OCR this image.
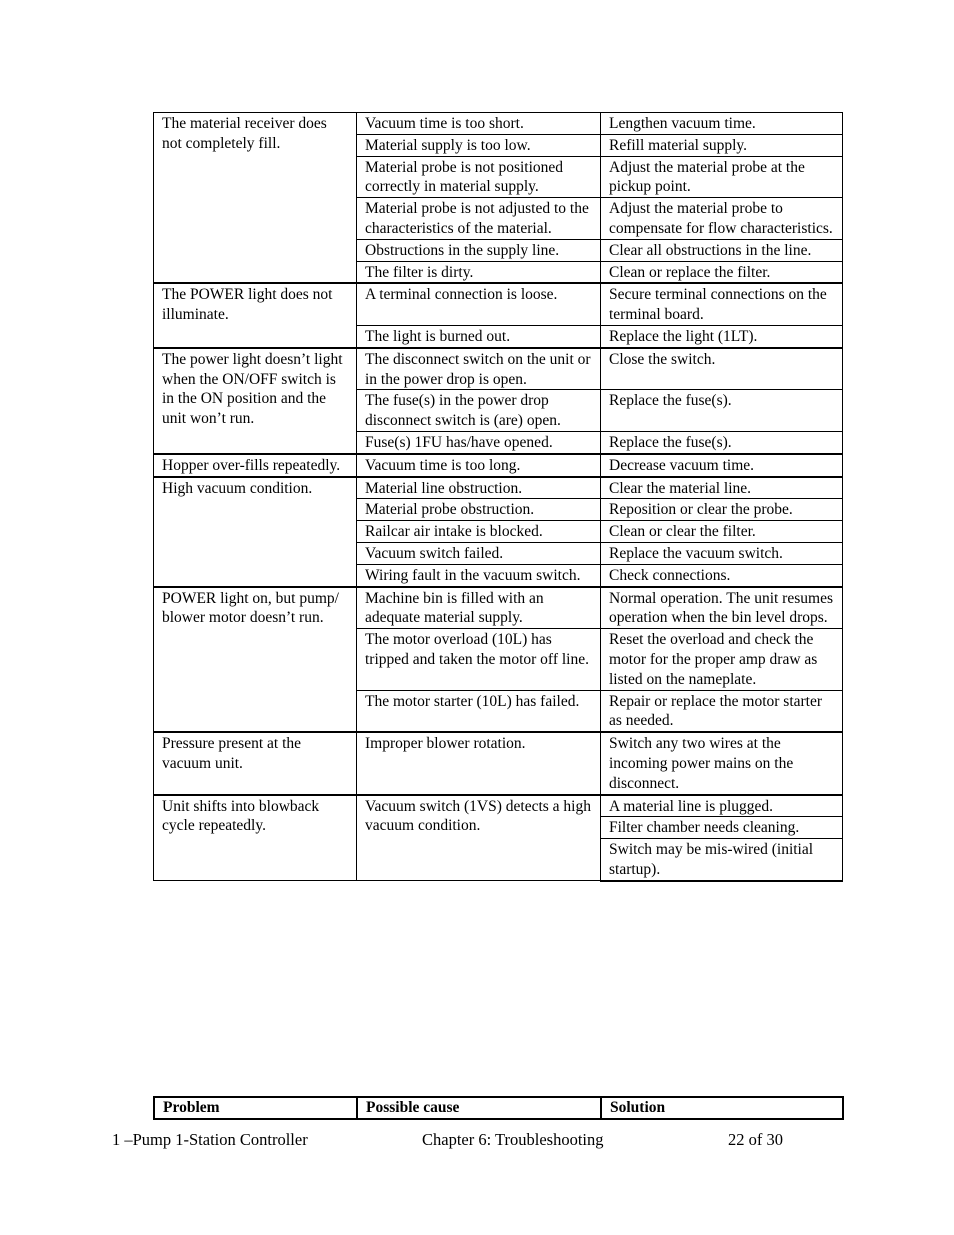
The material receiver does not completely fill.	Vacuum time is too short.	Lengthen vacuum time.
	Material supply is too low.	Refill material supply.
	Material probe is not positioned correctly in material supply.	Adjust the material probe at the pickup point.
	Material probe is not adjusted to the characteristics of the material.	Adjust the material probe to compensate for flow characteristics.
	Obstructions in the supply line.	Clear all obstructions in the line.
	The filter is dirty.	Clean or replace the filter.
The POWER light does not illuminate.	A terminal connection is loose.	Secure terminal connections on the terminal board.
	The light is burned out.	Replace the light (1LT).
The power light doesn’t light when the ON/OFF switch is in the ON position and the unit won’t run.	The disconnect switch on the unit or in the power drop is open.	Close the switch.
	The fuse(s) in the power drop disconnect switch is (are) open.	Replace the fuse(s).
	Fuse(s) 1FU has/have opened.	Replace the fuse(s).
Hopper over-fills repeatedly.	Vacuum time is too long.	Decrease vacuum time.
High vacuum condition.	Material line obstruction.	Clear the material line.
	Material probe obstruction.	Reposition or clear the probe.
	Railcar air intake is blocked.	Clean or clear the filter.
	Vacuum switch failed.	Replace the vacuum switch.
	Wiring fault in the vacuum switch.	Check connections.
POWER light on, but pump/ blower motor doesn’t run.	Machine bin is filled with an adequate material supply.	Normal operation. The unit resumes operation when the bin level drops.
	The motor overload (10L) has tripped and taken the motor off line.	Reset the overload and check the motor for the proper amp draw as listed on the nameplate.
	The motor starter (10L) has failed.	Repair or replace the motor starter as needed.
Pressure present at the vacuum unit.	Improper blower rotation.	Switch any two wires at the incoming power mains on the disconnect.
Unit shifts into blowback cycle repeatedly.	Vacuum switch (1VS) detects a high vacuum condition.	A material line is plugged.
		Filter chamber needs cleaning.
		Switch may be mis-wired (initial startup).
Problem	Possible cause	Solution
1 –Pump 1-Station Controller	Chapter 6: Troubleshooting	22 of 30
